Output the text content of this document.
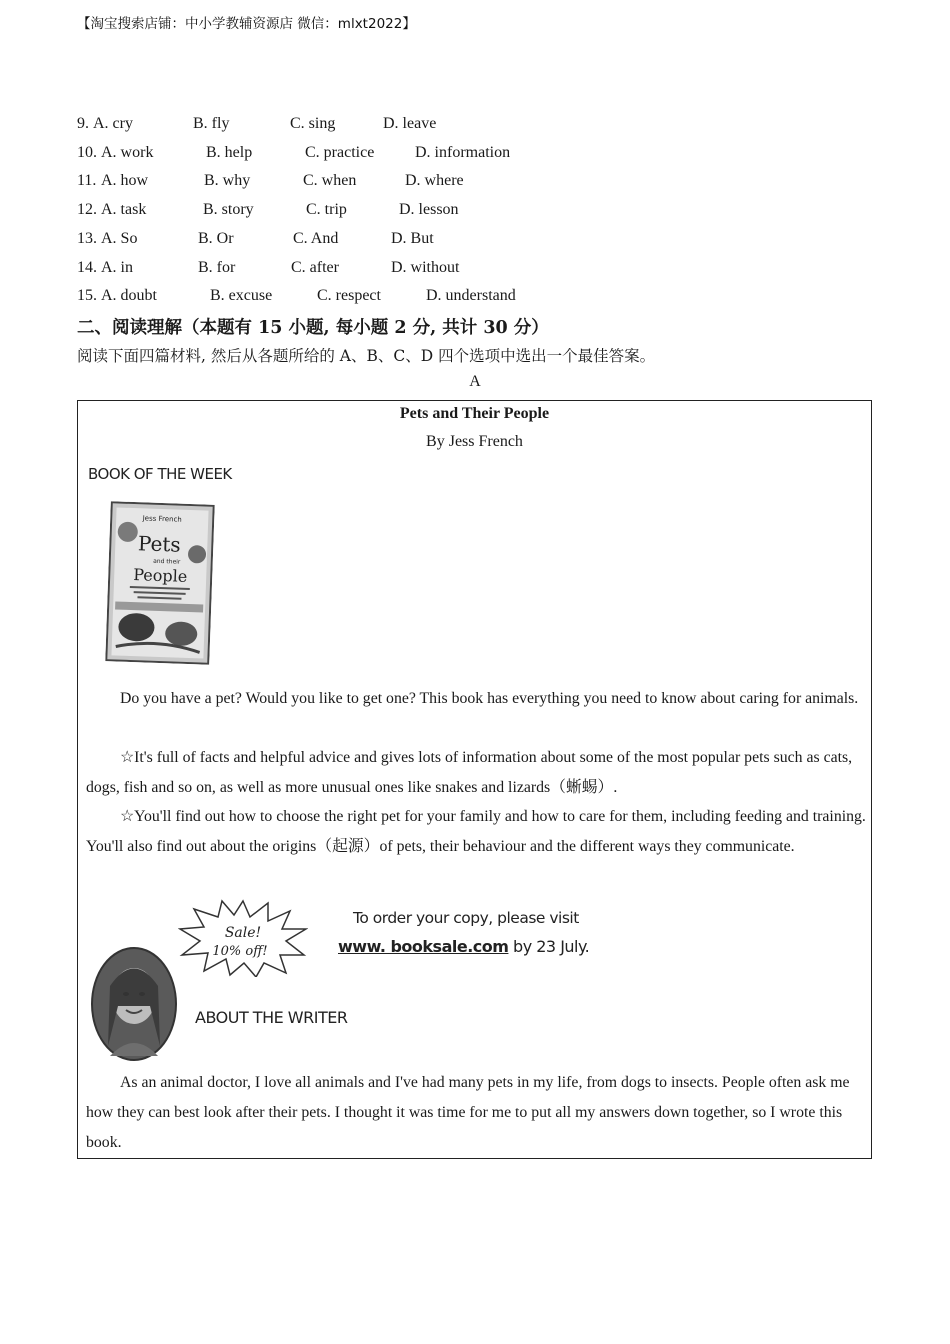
【淘宝搜索店铺：中小学教辅资源店 微信：mlxt2022】
9. A. cry	B. fly	C. sing	D. leave
10. A. work	B. help	C. practice	D. information
11. A. how	B. why	C. when	D. where
12. A. task	B. story	C. trip	D. lesson
13. A. So	B. Or	C. And	D. But
14. A. in	B. for	C. after	D. without
15. A. doubt	B. excuse	C. respect	D. understand
二、阅读理解（本题有 15 小题, 每小题 2 分, 共计 30 分）
阅读下面四篇材料, 然后从各题所给的 A、B、C、D 四个选项中选出一个最佳答案。
A
Pets and Their People
By Jess French
BOOK OF THE WEEK
Jess French
Pets
and their
People

Do you have a pet? Would you like to get one? This book has everything you need to know about caring for animals.

☆It's full of facts and helpful advice and gives lots of information about some of the most popular pets such as cats, dogs, fish and so on, as well as more unusual ones like snakes and lizards（蜥蜴）.

☆You'll find out how to choose the right pet for your family and how to care for them, including feeding and training. You'll also find out about the origins（起源）of pets, their behaviour and the different ways they communicate.

Sale!
10% off!
To order your copy, please visit
www. booksale.com by 23 July.
ABOUT THE WRITER

As an animal doctor, I love all animals and I've had many pets in my life, from dogs to insects. People often ask me how they can best look after their pets. I thought it was time for me to put all my answers down together, so I wrote this book.
